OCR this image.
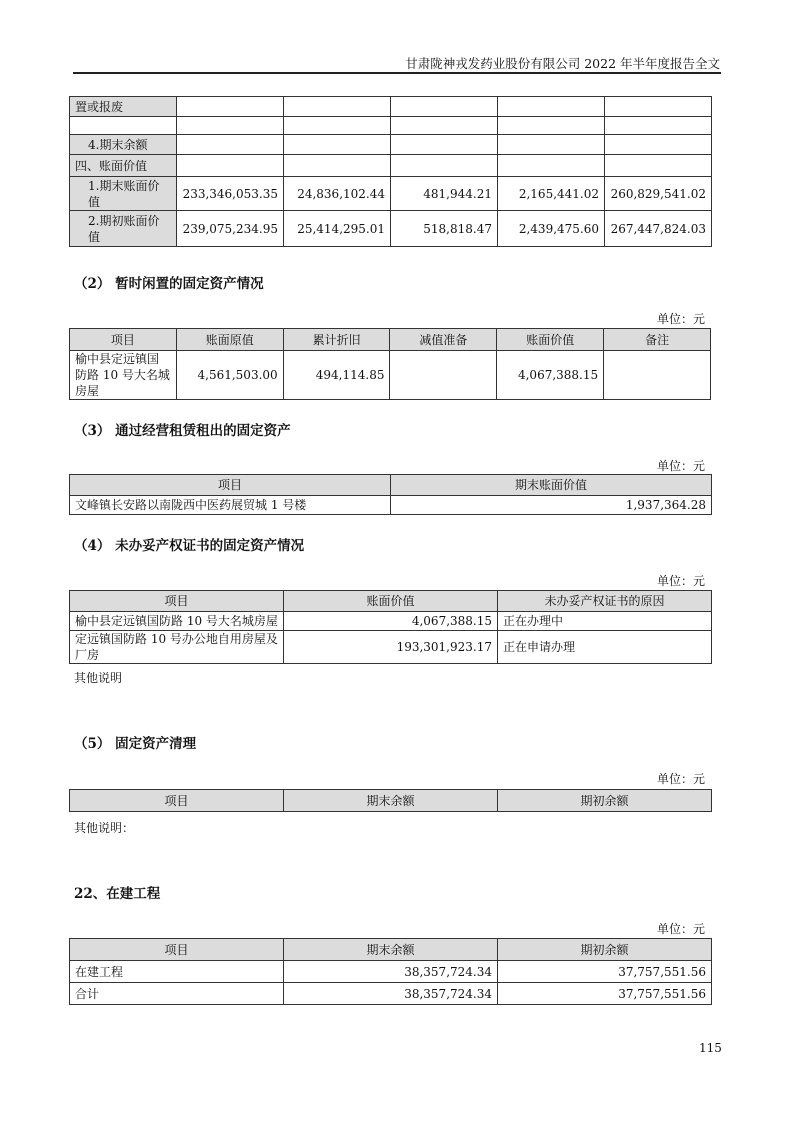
甘肃陇神戎发药业股份有限公司 2022 年半年度报告全文
置或报废					

4.期末余额					
四、账面价值					
1.期末账面价值	233,346,053.35	24,836,102.44	481,944.21	2,165,441.02	260,829,541.02
2.期初账面价值	239,075,234.95	25,414,295.01	518,818.47	2,439,475.60	267,447,824.03
（2） 暂时闲置的固定资产情况
单位：元
项目	账面原值	累计折旧	减值准备	账面价值	备注
榆中县定远镇国防路 10 号大名城房屋	4,561,503.00	494,114.85		4,067,388.15	
（3） 通过经营租赁租出的固定资产
单位：元
项目	期末账面价值
文峰镇长安路以南陇西中医药展贸城 1 号楼	1,937,364.28
（4） 未办妥产权证书的固定资产情况
单位：元
项目	账面价值	未办妥产权证书的原因
榆中县定远镇国防路 10 号大名城房屋	4,067,388.15	正在办理中
定远镇国防路 10 号办公地自用房屋及厂房	193,301,923.17	正在申请办理
其他说明
（5） 固定资产清理
单位：元
项目	期末余额	期初余额
其他说明：
22、在建工程
单位：元
项目	期末余额	期初余额
在建工程	38,357,724.34	37,757,551.56
合计	38,357,724.34	37,757,551.56
115
